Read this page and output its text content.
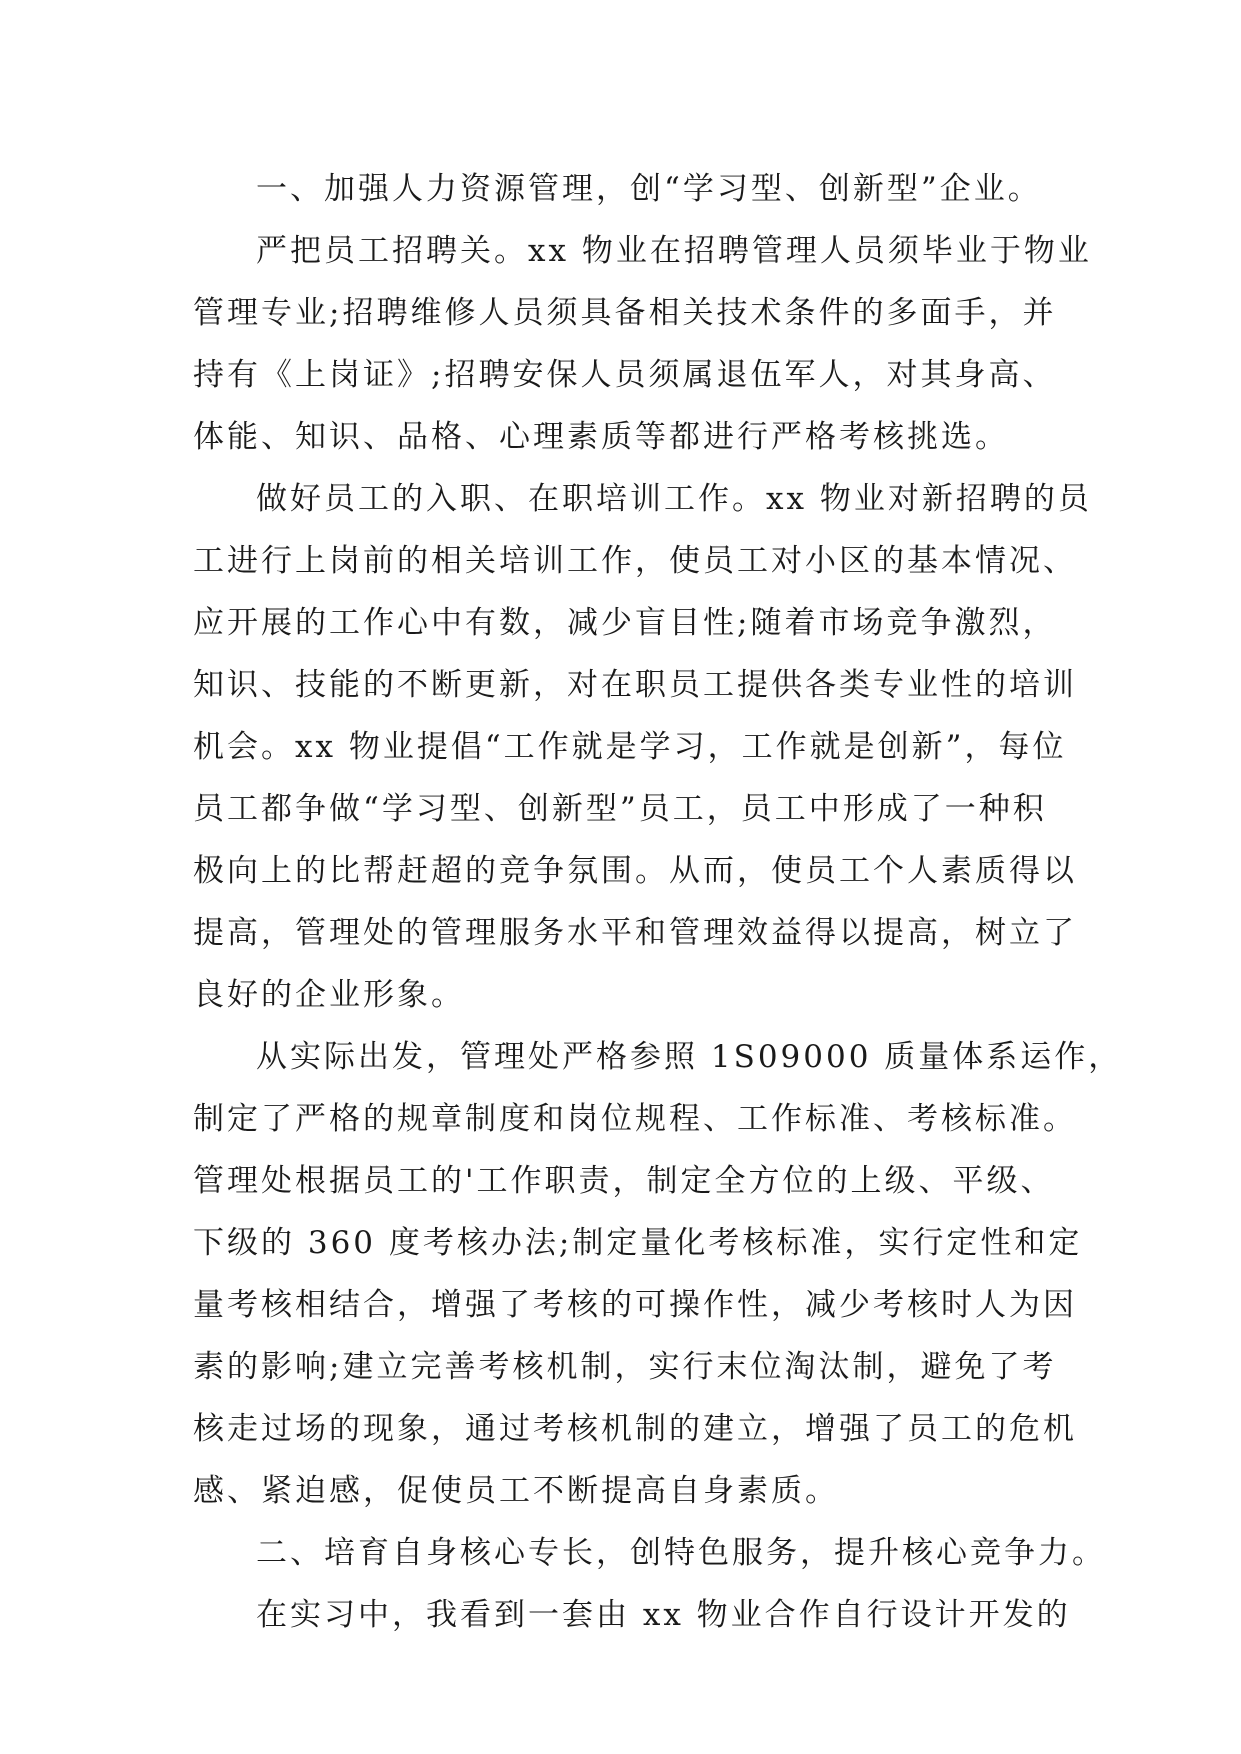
一、加强人力资源管理，创“学习型、创新型”企业。
严把员工招聘关。xx 物业在招聘管理人员须毕业于物业
管理专业;招聘维修人员须具备相关技术条件的多面手，并
持有《上岗证》;招聘安保人员须属退伍军人，对其身高、
体能、知识、品格、心理素质等都进行严格考核挑选。
做好员工的入职、在职培训工作。xx 物业对新招聘的员
工进行上岗前的相关培训工作，使员工对小区的基本情况、
应开展的工作心中有数，减少盲目性;随着市场竞争激烈，
知识、技能的不断更新，对在职员工提供各类专业性的培训
机会。xx 物业提倡“工作就是学习，工作就是创新”，每位
员工都争做“学习型、创新型”员工，员工中形成了一种积
极向上的比帮赶超的竞争氛围。从而，使员工个人素质得以
提高，管理处的管理服务水平和管理效益得以提高，树立了
良好的企业形象。
从实际出发，管理处严格参照 1S09000 质量体系运作，
制定了严格的规章制度和岗位规程、工作标准、考核标准。
管理处根据员工的'工作职责，制定全方位的上级、平级、
下级的 360 度考核办法;制定量化考核标准，实行定性和定
量考核相结合，增强了考核的可操作性，减少考核时人为因
素的影响;建立完善考核机制，实行末位淘汰制，避免了考
核走过场的现象，通过考核机制的建立，增强了员工的危机
感、紧迫感，促使员工不断提高自身素质。
二、培育自身核心专长，创特色服务，提升核心竞争力。
在实习中，我看到一套由 xx 物业合作自行设计开发的
